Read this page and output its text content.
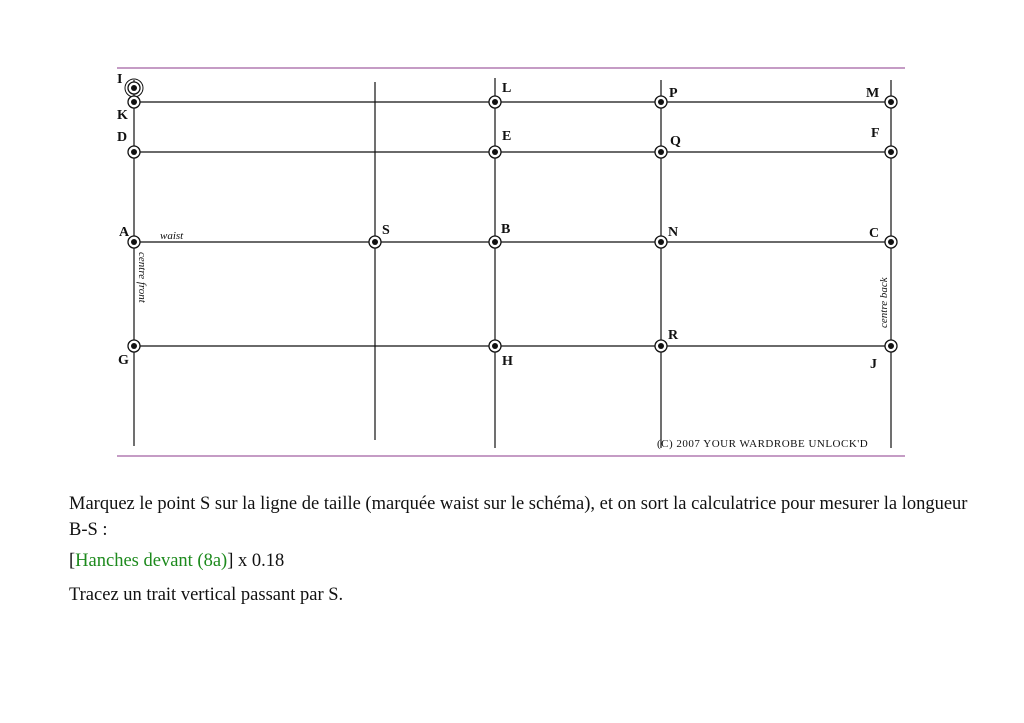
I
K
D
A
G
L
E
B
H
P
Q
N
R
M
F
C
J
S
waist
centre front	centre back
(C) 2007 YOUR WARDROBE UNLOCK'D
Marquez le point S sur la ligne de taille (marquée waist sur le schéma), et on sort la calculatrice pour mesurer la longueur B-S :
[Hanches devant (8a)] x 0.18
Tracez un trait vertical passant par S.
